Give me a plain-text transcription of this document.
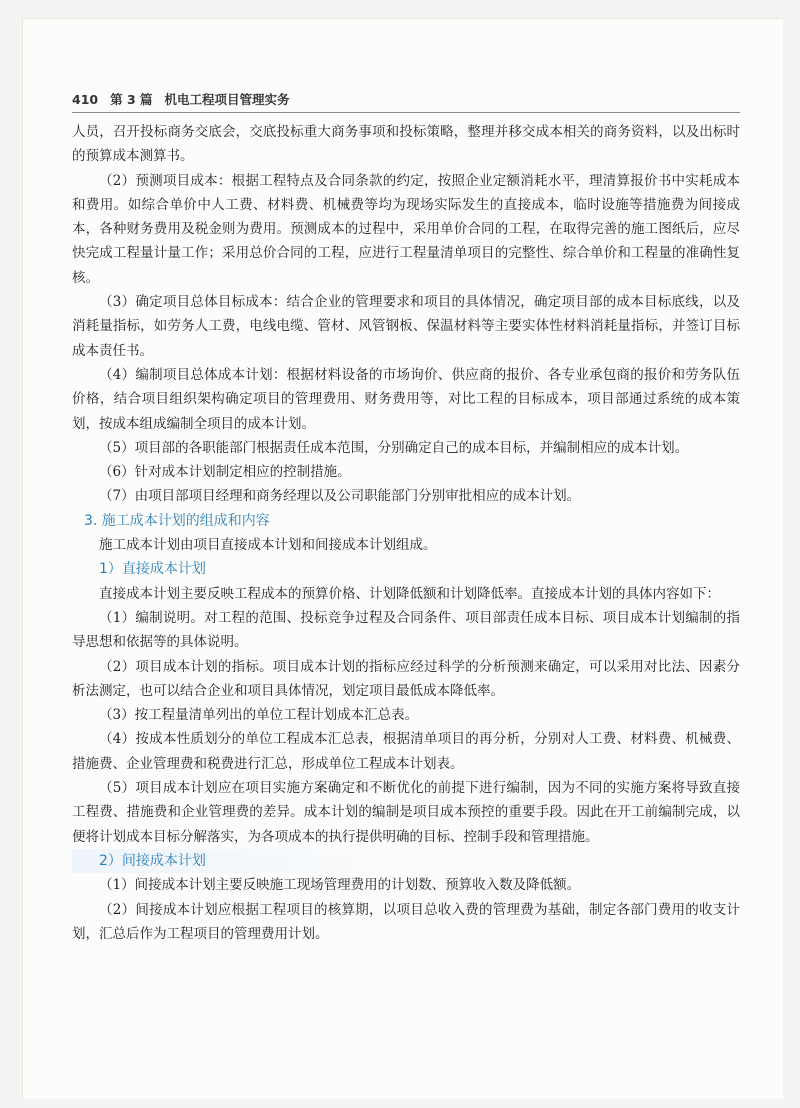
410 第 3 篇 机电工程项目管理实务

人员，召开投标商务交底会，交底投标重大商务事项和投标策略，整理并移交成本相关的商务资料，以及出标时的预算成本测算书。

（2）预测项目成本：根据工程特点及合同条款的约定，按照企业定额消耗水平，理清算报价书中实耗成本和费用。如综合单价中人工费、材料费、机械费等均为现场实际发生的直接成本，临时设施等措施费为间接成本，各种财务费用及税金则为费用。预测成本的过程中，采用单价合同的工程，在取得完善的施工图纸后，应尽快完成工程量计量工作；采用总价合同的工程，应进行工程量清单项目的完整性、综合单价和工程量的准确性复核。

（3）确定项目总体目标成本：结合企业的管理要求和项目的具体情况，确定项目部的成本目标底线，以及消耗量指标，如劳务人工费，电线电缆、管材、风管钢板、保温材料等主要实体性材料消耗量指标，并签订目标成本责任书。

（4）编制项目总体成本计划：根据材料设备的市场询价、供应商的报价、各专业承包商的报价和劳务队伍价格，结合项目组织架构确定项目的管理费用、财务费用等，对比工程的目标成本，项目部通过系统的成本策划，按成本组成编制全项目的成本计划。

（5）项目部的各职能部门根据责任成本范围，分别确定自己的成本目标，并编制相应的成本计划。

（6）针对成本计划制定相应的控制措施。

（7）由项目部项目经理和商务经理以及公司职能部门分别审批相应的成本计划。

3. 施工成本计划的组成和内容

施工成本计划由项目直接成本计划和间接成本计划组成。

1）直接成本计划

直接成本计划主要反映工程成本的预算价格、计划降低额和计划降低率。直接成本计划的具体内容如下：

（1）编制说明。对工程的范围、投标竞争过程及合同条件、项目部责任成本目标、项目成本计划编制的指导思想和依据等的具体说明。

（2）项目成本计划的指标。项目成本计划的指标应经过科学的分析预测来确定，可以采用对比法、因素分析法测定，也可以结合企业和项目具体情况，划定项目最低成本降低率。

（3）按工程量清单列出的单位工程计划成本汇总表。

（4）按成本性质划分的单位工程成本汇总表，根据清单项目的再分析，分别对人工费、材料费、机械费、措施费、企业管理费和税费进行汇总，形成单位工程成本计划表。

（5）项目成本计划应在项目实施方案确定和不断优化的前提下进行编制，因为不同的实施方案将导致直接工程费、措施费和企业管理费的差异。成本计划的编制是项目成本预控的重要手段。因此在开工前编制完成，以便将计划成本目标分解落实，为各项成本的执行提供明确的目标、控制手段和管理措施。

2）间接成本计划

（1）间接成本计划主要反映施工现场管理费用的计划数、预算收入数及降低额。

（2）间接成本计划应根据工程项目的核算期，以项目总收入费的管理费为基础，制定各部门费用的收支计划，汇总后作为工程项目的管理费用计划。
